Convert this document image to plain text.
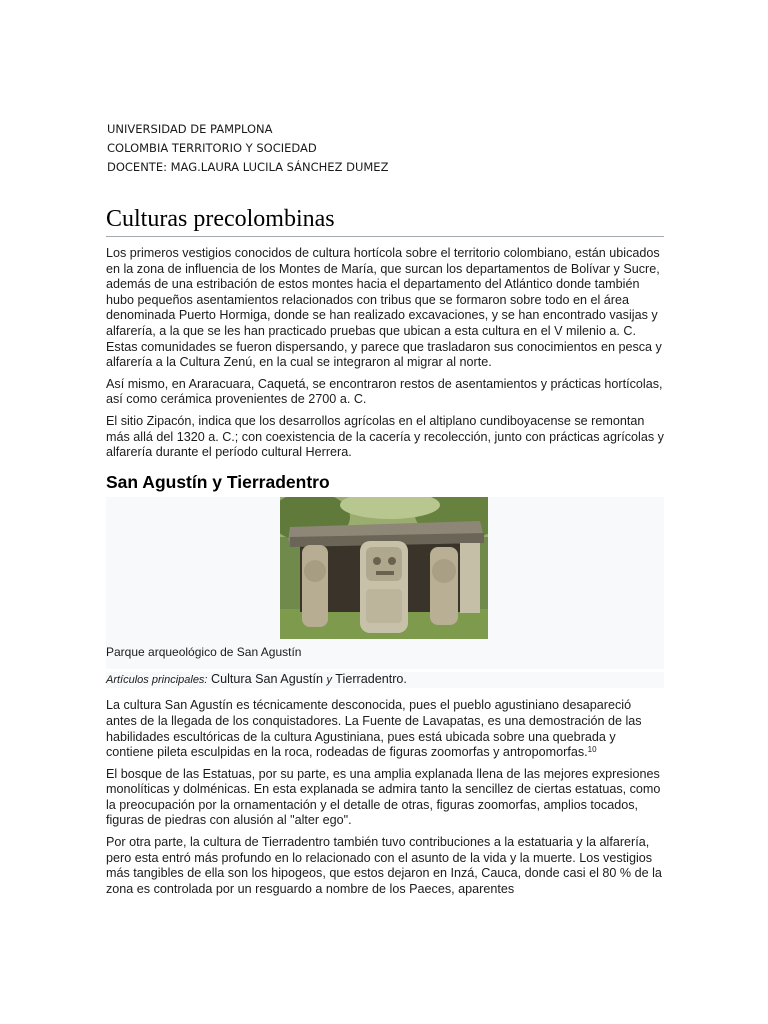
UNIVERSIDAD DE PAMPLONA
COLOMBIA TERRITORIO Y SOCIEDAD
DOCENTE: MAG.LAURA LUCILA SÁNCHEZ DUMEZ
Culturas precolombinas

Los primeros vestigios conocidos de cultura hortícola sobre el territorio colombiano, están ubicados en la zona de influencia de los Montes de María, que surcan los departamentos de Bolívar y Sucre, además de una estribación de estos montes hacia el departamento del Atlántico donde también hubo pequeños asentamientos relacionados con tribus que se formaron sobre todo en el área denominada Puerto Hormiga, donde se han realizado excavaciones, y se han encontrado vasijas y alfarería, a la que se les han practicado pruebas que ubican a esta cultura en el V milenio a. C. Estas comunidades se fueron dispersando, y parece que trasladaron sus conocimientos en pesca y alfarería a la Cultura Zenú, en la cual se integraron al migrar al norte.

Así mismo, en Araracuara, Caquetá, se encontraron restos de asentamientos y prácticas hortícolas, así como cerámica provenientes de 2700 a. C.

El sitio Zipacón, indica que los desarrollos agrícolas en el altiplano cundiboyacense se remontan más allá del 1320 a. C.; con coexistencia de la cacería y recolección, junto con prácticas agrícolas y alfarería durante el período cultural Herrera.

San Agustín y Tierradentro
Parque arqueológico de San Agustín

Artículos principales: Cultura San Agustín y Tierradentro.

La cultura San Agustín es técnicamente desconocida, pues el pueblo agustiniano desapareció antes de la llegada de los conquistadores. La Fuente de Lavapatas, es una demostración de las habilidades escultóricas de la cultura Agustiniana, pues está ubicada sobre una quebrada y contiene pileta esculpidas en la roca, rodeadas de figuras zoomorfas y antropomorfas.$^{10}$

El bosque de las Estatuas, por su parte, es una amplia explanada llena de las mejores expresiones monolíticas y dolménicas. En esta explanada se admira tanto la sencillez de ciertas estatuas, como la preocupación por la ornamentación y el detalle de otras, figuras zoomorfas, amplios tocados, figuras de piedras con alusión al "alter ego".

Por otra parte, la cultura de Tierradentro también tuvo contribuciones a la estatuaria y la alfarería, pero esta entró más profundo en lo relacionado con el asunto de la vida y la muerte. Los vestigios más tangibles de ella son los hipogeos, que estos dejaron en Inzá, Cauca, donde casi el 80 % de la zona es controlada por un resguardo a nombre de los Paeces, aparentes
